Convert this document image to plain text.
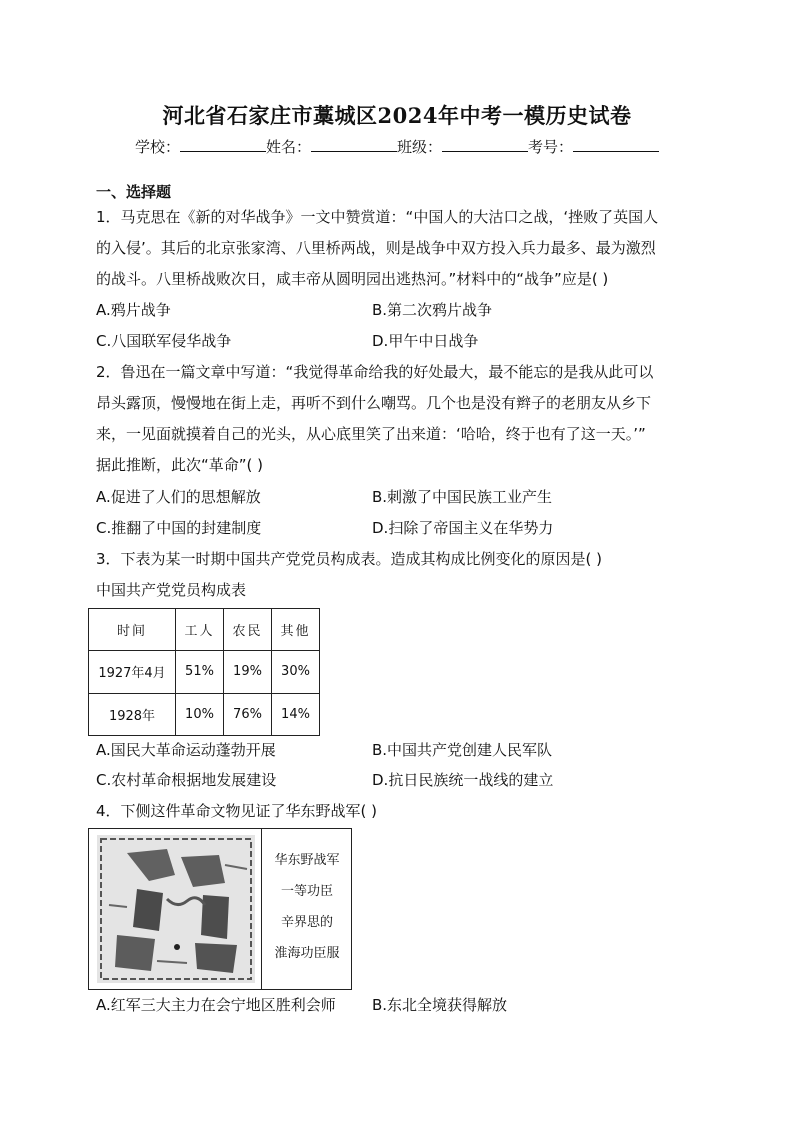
河北省石家庄市藁城区2024年中考一模历史试卷
学校：	姓名：	班级：	考号：
一、选择题
1．马克思在《新的对华战争》一文中赞赏道：“中国人的大沽口之战，‘挫败了英国人
的入侵’。其后的北京张家湾、八里桥两战，则是战争中双方投入兵力最多、最为激烈
的战斗。八里桥战败次日，咸丰帝从圆明园出逃热河。”材料中的“战争”应是( )
A.鸦片战争	B.第二次鸦片战争
C.八国联军侵华战争	D.甲午中日战争
2．鲁迅在一篇文章中写道：“我觉得革命给我的好处最大，最不能忘的是我从此可以
昂头露顶，慢慢地在街上走，再听不到什么嘲骂。几个也是没有辫子的老朋友从乡下
来，一见面就摸着自己的光头，从心底里笑了出来道：‘哈哈，终于也有了这一天。’”
据此推断，此次“革命”( )
A.促进了人们的思想解放	B.刺激了中国民族工业产生
C.推翻了中国的封建制度	D.扫除了帝国主义在华势力
3．下表为某一时期中国共产党党员构成表。造成其构成比例变化的原因是( )
中国共产党党员构成表
时间	工人	农民	其他
1927年4月	51%	19%	30%
1928年	10%	76%	14%
A.国民大革命运动蓬勃开展	B.中国共产党创建人民军队
C.农村革命根据地发展建设	D.抗日民族统一战线的建立
4．下侧这件革命文物见证了华东野战军( )
华东野战军
一等功臣
辛界思的
淮海功臣服
A.红军三大主力在会宁地区胜利会师 B.东北全境获得解放
